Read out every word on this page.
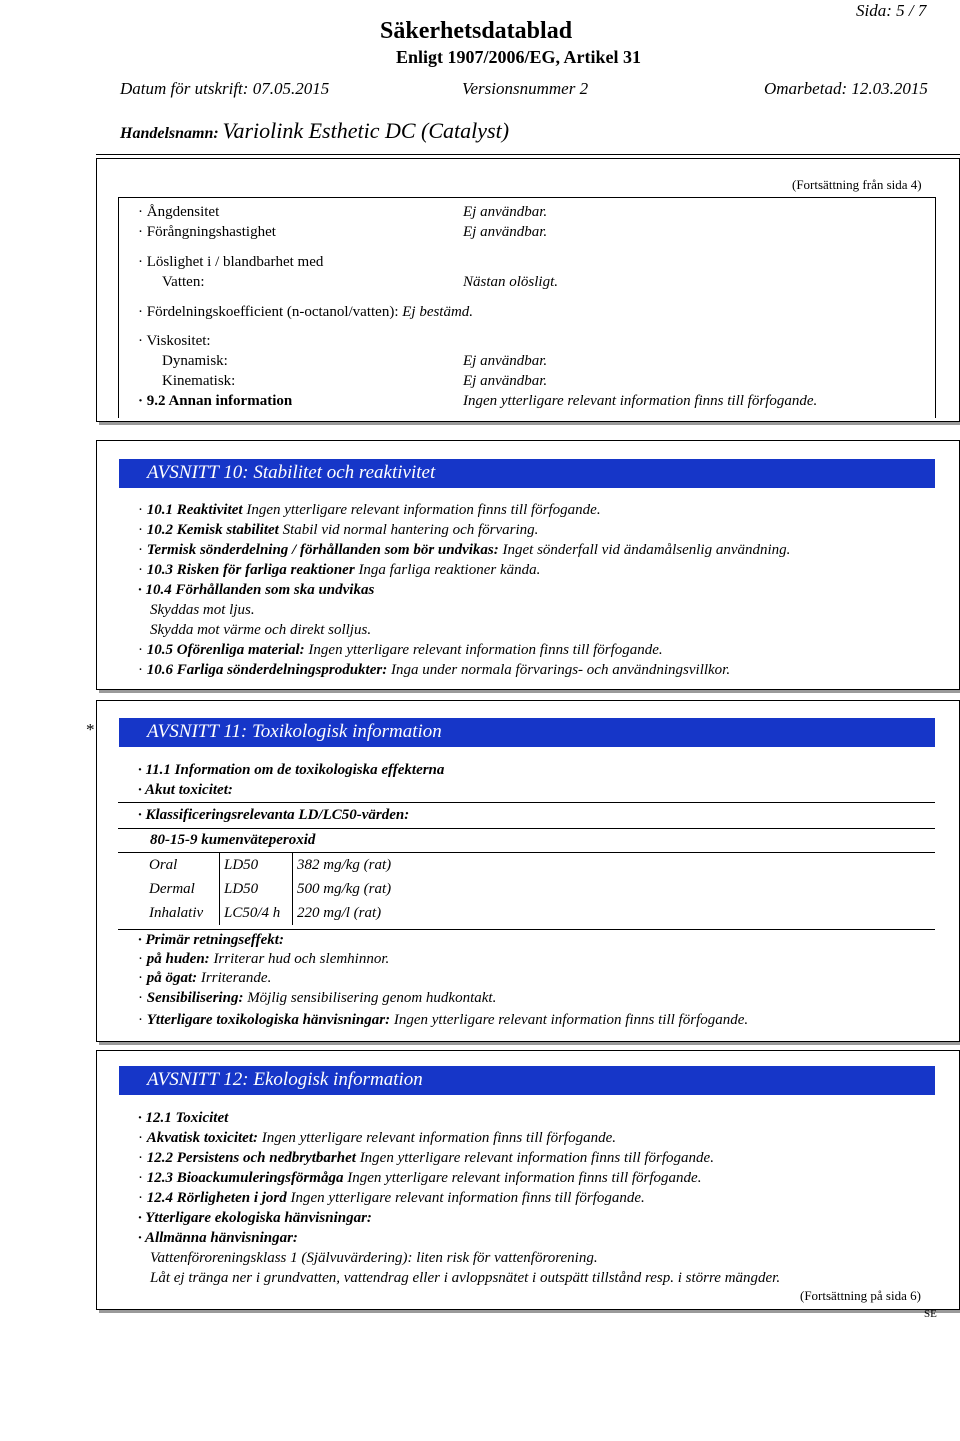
Säkerhetsdatablad
Sida: 5 / 7
Enligt 1907/2006/EG, Artikel 31
Datum för utskrift: 07.05.2015	Versionsnummer 2	Omarbetad: 12.03.2015
Handelsnamn: Variolink Esthetic DC (Catalyst)
(Fortsättning från sida 4)
· Ångdensitet	Ej användbar.
· Förångningshastighet	Ej användbar.
· Löslighet i / blandbarhet med
Vatten:	Nästan olösligt.
· Fördelningskoefficient (n-octanol/vatten): Ej bestämd.
· Viskositet:
Dynamisk:	Ej användbar.
Kinematisk:	Ej användbar.
· 9.2 Annan information	Ingen ytterligare relevant information finns till förfogande.
AVSNITT 10: Stabilitet och reaktivitet
· 10.1 Reaktivitet Ingen ytterligare relevant information finns till förfogande.
· 10.2 Kemisk stabilitet Stabil vid normal hantering och förvaring.
· Termisk sönderdelning / förhållanden som bör undvikas: Inget sönderfall vid ändamålsenlig användning.
· 10.3 Risken för farliga reaktioner Inga farliga reaktioner kända.
· 10.4 Förhållanden som ska undvikas
Skyddas mot ljus.
Skydda mot värme och direkt solljus.
· 10.5 Oförenliga material: Ingen ytterligare relevant information finns till förfogande.
· 10.6 Farliga sönderdelningsprodukter: Inga under normala förvarings- och användningsvillkor.
*	AVSNITT 11: Toxikologisk information
· 11.1 Information om de toxikologiska effekterna
· Akut toxicitet:
· Klassificeringsrelevanta LD/LC50-värden:
80-15-9 kumenväteperoxid
Oral	LD50	382 mg/kg (rat)
Dermal	LD50	500 mg/kg (rat)
Inhalativ	LC50/4 h	220 mg/l (rat)
· Primär retningseffekt:
· på huden: Irriterar hud och slemhinnor.
· på ögat: Irriterande.
· Sensibilisering: Möjlig sensibilisering genom hudkontakt.
· Ytterligare toxikologiska hänvisningar: Ingen ytterligare relevant information finns till förfogande.
AVSNITT 12: Ekologisk information
· 12.1 Toxicitet
· Akvatisk toxicitet: Ingen ytterligare relevant information finns till förfogande.
· 12.2 Persistens och nedbrytbarhet Ingen ytterligare relevant information finns till förfogande.
· 12.3 Bioackumuleringsförmåga Ingen ytterligare relevant information finns till förfogande.
· 12.4 Rörligheten i jord Ingen ytterligare relevant information finns till förfogande.
· Ytterligare ekologiska hänvisningar:
· Allmänna hänvisningar:
Vattenföroreningsklass 1 (Självuvärdering): liten risk för vattenförorening.
Låt ej tränga ner i grundvatten, vattendrag eller i avloppsnätet i outspätt tillstånd resp. i större mängder.
(Fortsättning på sida 6)
SE
